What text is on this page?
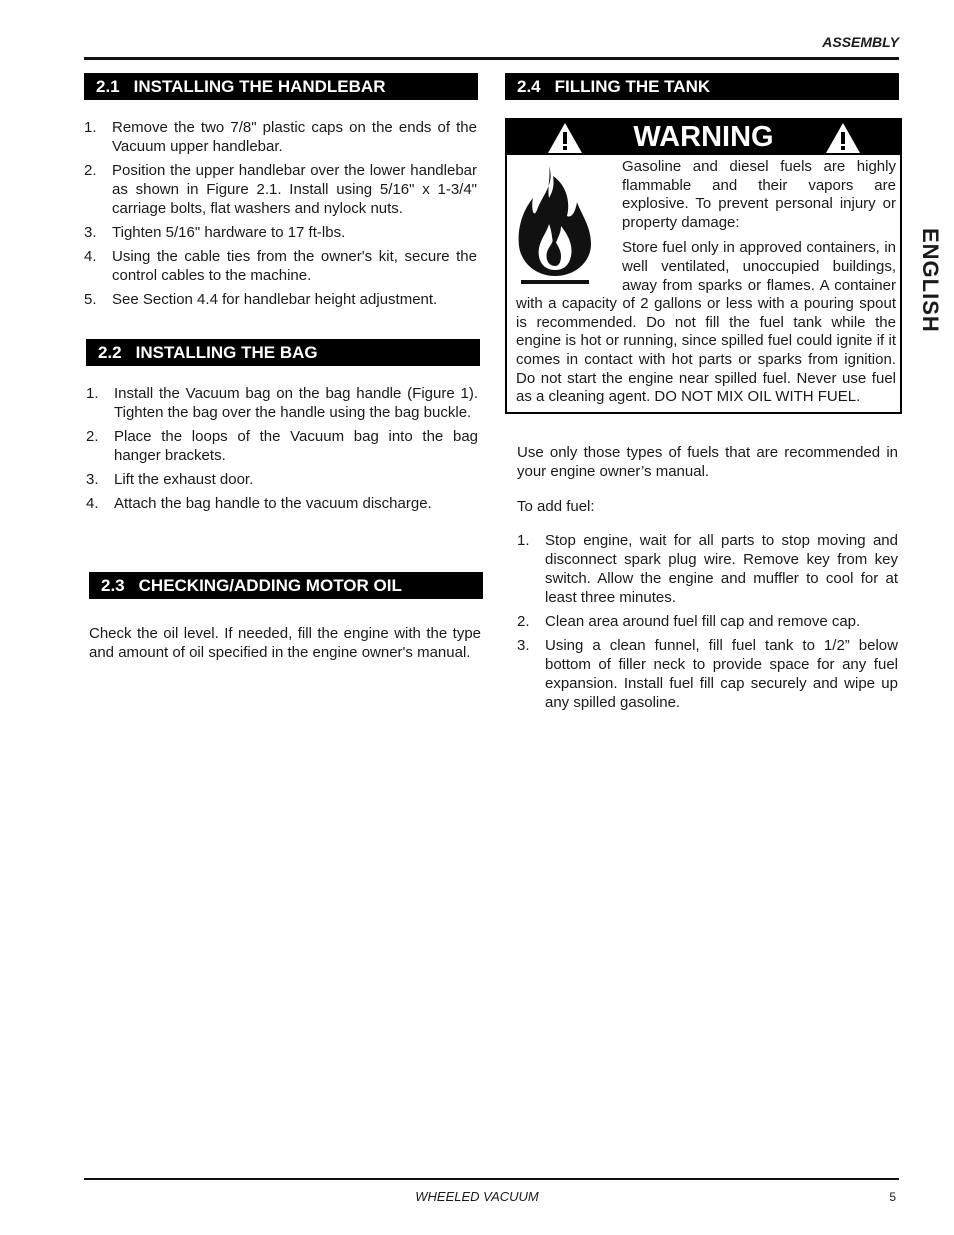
ASSEMBLY
ENGLISH
2.1 INSTALLING THE HANDLEBAR
1. Remove the two 7/8" plastic caps on the ends of the Vacuum upper handlebar.
2. Position the upper handlebar over the lower handlebar as shown in Figure 2.1. Install using 5/16" x 1-3/4" carriage bolts, flat washers and nylock nuts.
3. Tighten 5/16" hardware to 17 ft-lbs.
4. Using the cable ties from the owner's kit, secure the control cables to the machine.
5. See Section 4.4 for handlebar height adjustment.
2.2 INSTALLING THE BAG
1. Install the Vacuum bag on the bag handle (Figure 1). Tighten the bag over the handle using the bag buckle.
2. Place the loops of the Vacuum bag into the bag hanger brackets.
3. Lift the exhaust door.
4. Attach the bag handle to the vacuum discharge.
2.3 CHECKING/ADDING MOTOR OIL

Check the oil level. If needed, fill the engine with the type and amount of oil specified in the engine owner's manual.

2.4 FILLING THE TANK
WARNING

Gasoline and diesel fuels are highly flammable and their vapors are explosive. To prevent personal injury or property damage:

Store fuel only in approved containers, in well ventilated, unoccupied buildings, away from sparks or flames. A container with a capacity of 2 gallons or less with a pouring spout is recommended. Do not fill the fuel tank while the engine is hot or running, since spilled fuel could ignite if it comes in contact with hot parts or sparks from ignition. Do not start the engine near spilled fuel. Never use fuel as a cleaning agent. DO NOT MIX OIL WITH FUEL.

Use only those types of fuels that are recommended in your engine owner’s manual.

To add fuel:

1. Stop engine, wait for all parts to stop moving and disconnect spark plug wire. Remove key from key switch. Allow the engine and muffler to cool for at least three minutes.
2. Clean area around fuel fill cap and remove cap.
3. Using a clean funnel, fill fuel tank to 1/2” below bottom of filler neck to provide space for any fuel expansion. Install fuel fill cap securely and wipe up any spilled gasoline.
WHEELED VACUUM	5
